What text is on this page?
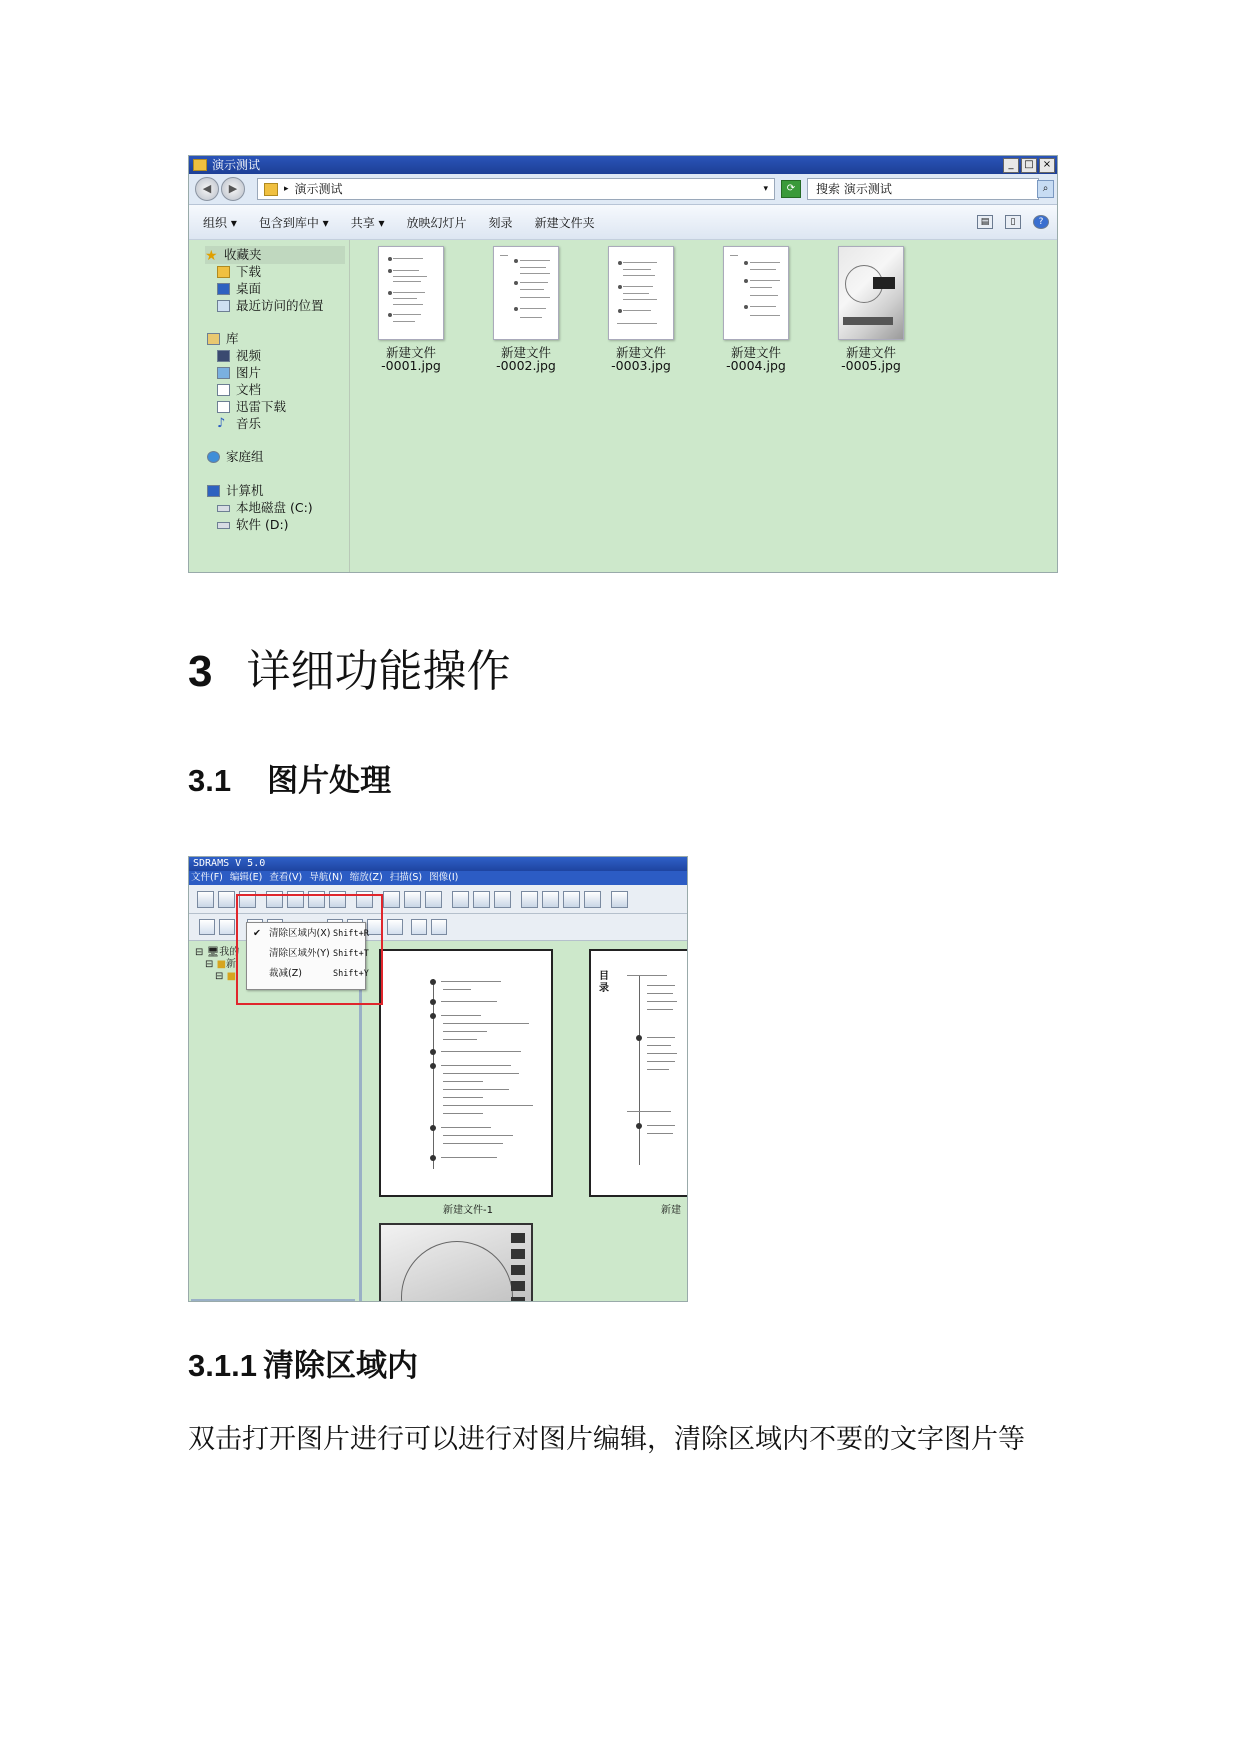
演示测试	_	□ ×
◀	▶	▸ 演示测试	▾	⟳	搜索 演示测试	⌕
组织 ▾ 包含到库中 ▾ 共享 ▾ 放映幻灯片 刻录 新建文件夹	▤	▯	?
★ 收藏夹
下载
桌面
最近访问的位置
库
视频
图片
文档
迅雷下载
♪ 音乐
家庭组
计算机
本地磁盘 (C:)
软件 (D:)
新建文件
-0001.jpg
新建文件
-0002.jpg
新建文件
-0003.jpg
新建文件
-0004.jpg
新建文件
-0005.jpg
3 详细功能操作
3.1 图片处理
SDRAMS V 5.0
文件(F) 编辑(E) 查看(V) 导航(N) 缩放(Z) 扫描(S) 图像(I)
⊟ 🖥我的
⊟ ■新
⊟ ■
新建文件-1
目
录
新建
✔ 清除区域内(X) Shift+R
清除区域外(Y) Shift+T
裁减(Z)	Shift+Y
3.1.1 清除区域内
双击打开图片进行可以进行对图片编辑，清除区域内不要的文字图片等
